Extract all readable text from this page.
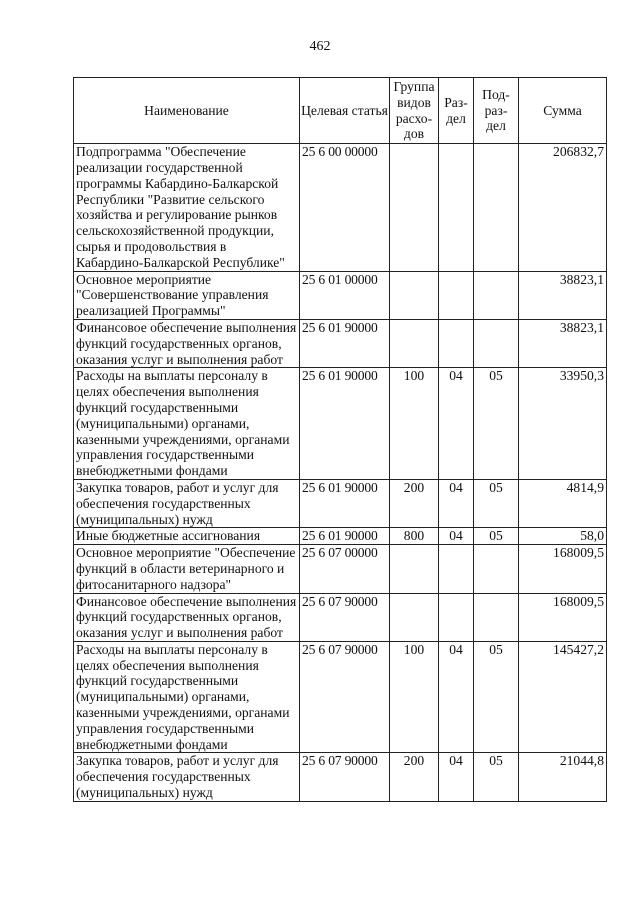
462
Наименование	Целевая статья	Группа видов расхо-дов	Раз-дел	Под-раз-дел	Сумма
Подпрограмма "Обеспечение реализации государственной программы Кабардино-Балкарской Республики "Развитие сельского хозяйства и регулирование рынков сельскохозяйственной продукции, сырья и продовольствия в Кабардино-Балкарской Республике"	25 6 00 00000				206832,7
Основное мероприятие "Совершенствование управления реализацией Программы"	25 6 01 00000				38823,1
Финансовое обеспечение выполнения функций государственных органов, оказания услуг и выполнения работ	25 6 01 90000				38823,1
Расходы на выплаты персоналу в целях обеспечения выполнения функций государственными (муниципальными) органами, казенными учреждениями, органами управления государственными внебюджетными фондами	25 6 01 90000	100	04	05	33950,3
Закупка товаров, работ и услуг для обеспечения государственных (муниципальных) нужд	25 6 01 90000	200	04	05	4814,9
Иные бюджетные ассигнования	25 6 01 90000	800	04	05	58,0
Основное мероприятие "Обеспечение функций в области ветеринарного и фитосанитарного надзора"	25 6 07 00000				168009,5
Финансовое обеспечение выполнения функций государственных органов, оказания услуг и выполнения работ	25 6 07 90000				168009,5
Расходы на выплаты персоналу в целях обеспечения выполнения функций государственными (муниципальными) органами, казенными учреждениями, органами управления государственными внебюджетными фондами	25 6 07 90000	100	04	05	145427,2
Закупка товаров, работ и услуг для обеспечения государственных (муниципальных) нужд	25 6 07 90000	200	04	05	21044,8
